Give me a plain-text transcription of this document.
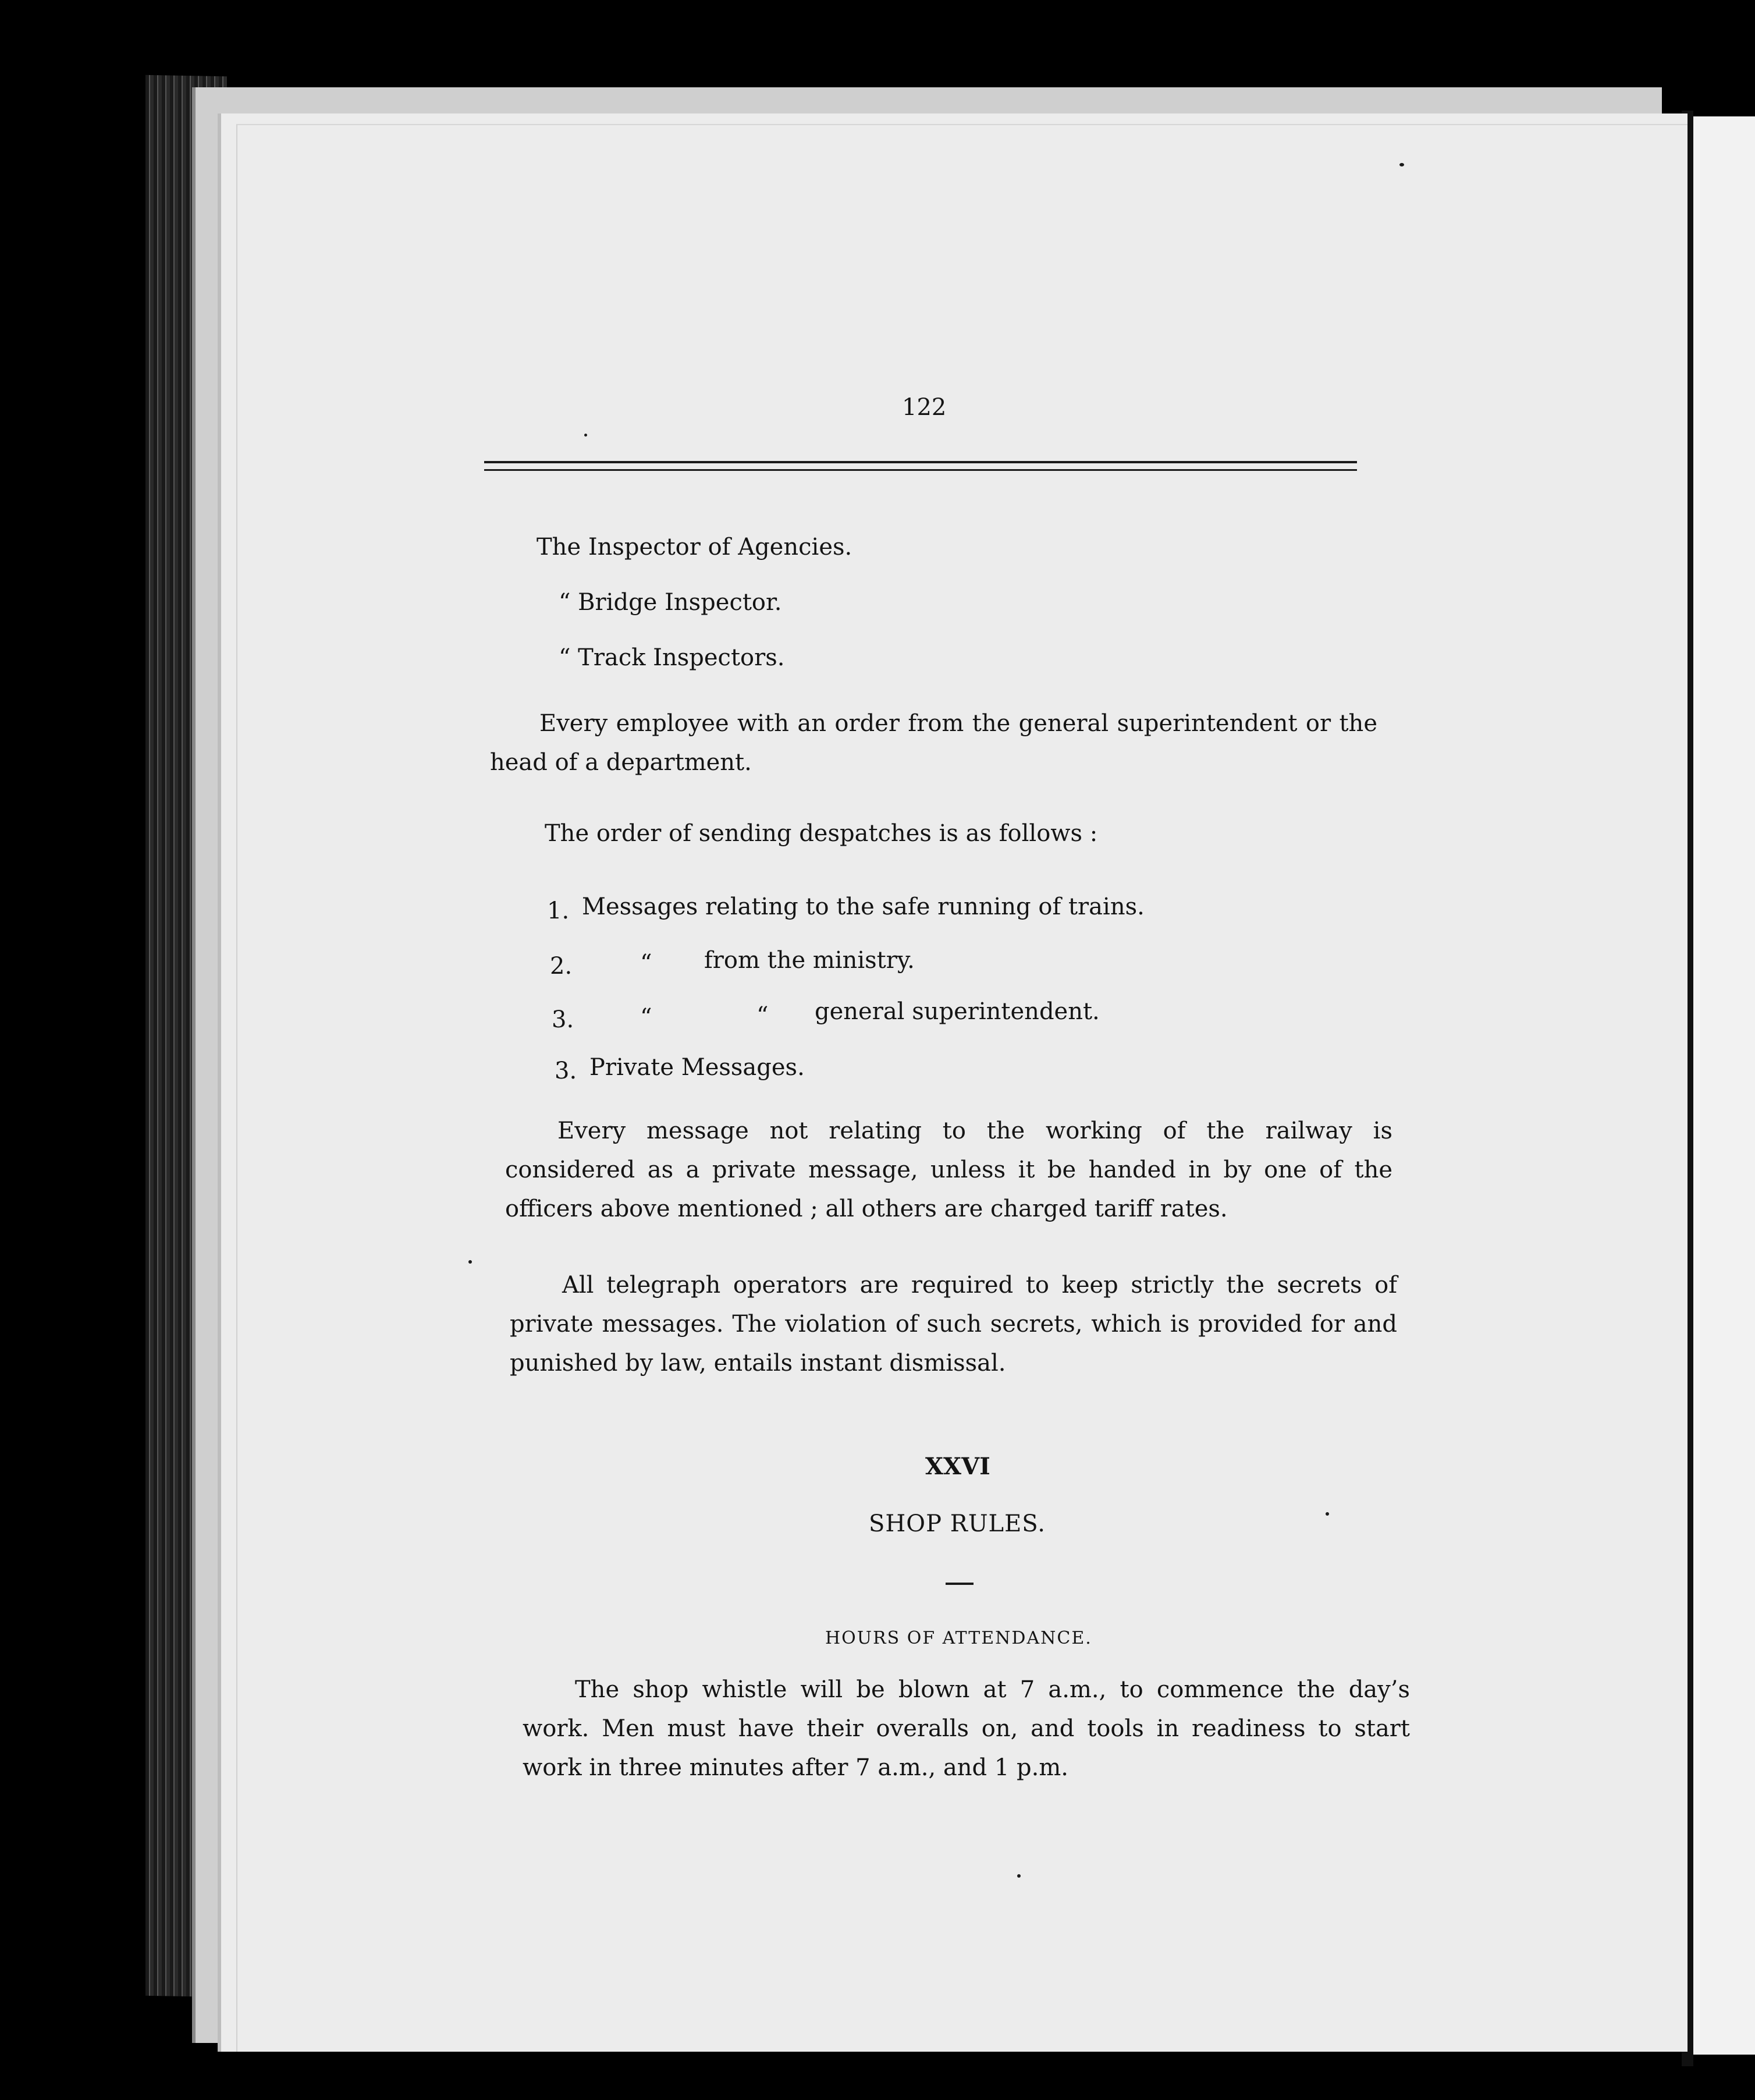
122
The Inspector of Agencies.
“ Bridge Inspector.
“ Track Inspectors.
Every employee with an order from the general superintendent or the head of a department.
The order of sending despatches is as follows :
1. Messages relating to the safe running of trains.
2.	“ from the ministry.
3.	“	“ general superintendent.
3. Private Messages.
Every message not relating to the working of the railway is considered as a private message, unless it be handed in by one of the officers above mentioned ; all others are charged tariff rates.
All telegraph operators are required to keep strictly the secrets of private messages. The violation of such secrets, which is provided for and punished by law, entails instant dismissal.
XXVI
SHOP RULES.
HOURS OF ATTENDANCE.
The shop whistle will be blown at 7 a.m., to commence the day’s work. Men must have their overalls on, and tools in readiness to start work in three minutes after 7 a.m., and 1 p.m.
